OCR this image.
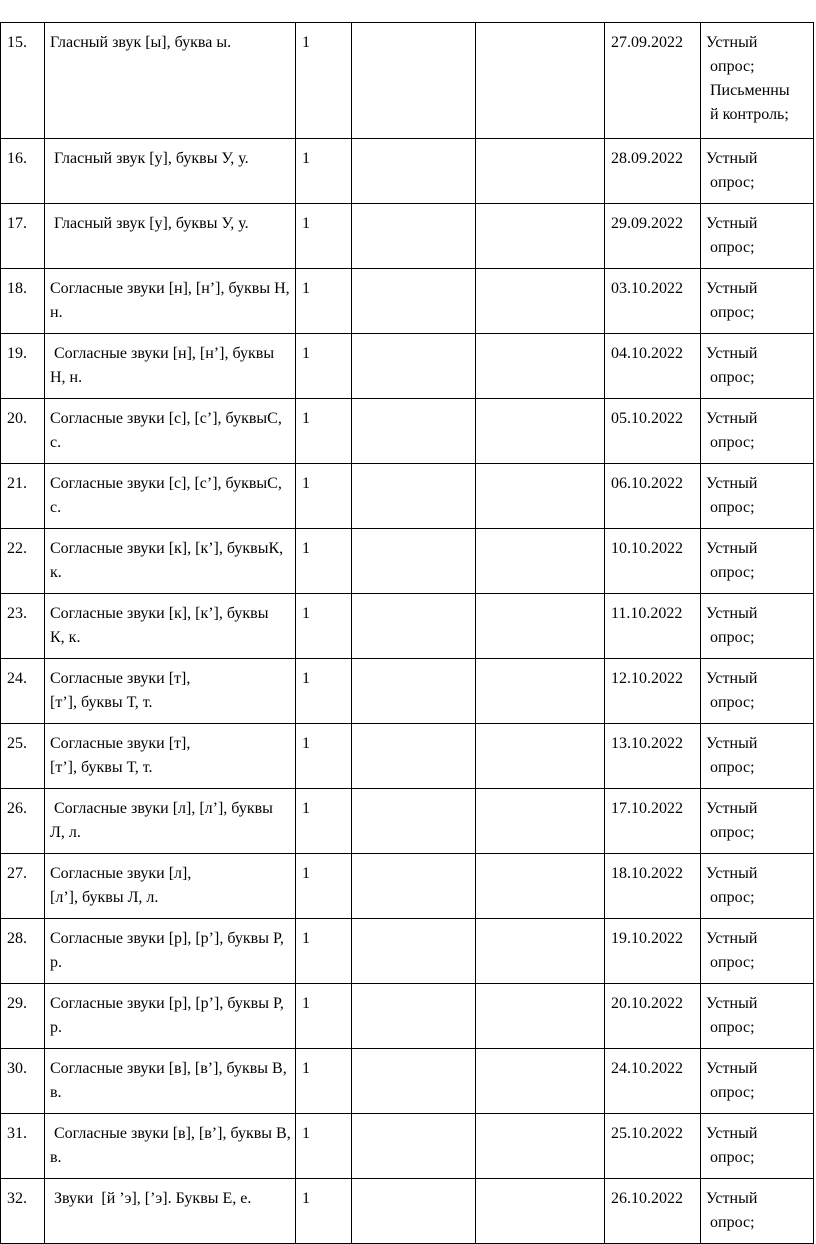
15.	Гласный звук [ы], буква ы.	1			27.09.2022	Устный
опрос;
Письменны
й контроль;

16.	Гласный звук [у], буквы У, у.	1			28.09.2022	Устный
опрос;

17.	Гласный звук [у], буквы У, у.	1			29.09.2022	Устный
опрос;

18.	Согласные звуки [н], [н’], буквы Н, н.	1			03.10.2022	Устный
опрос;

19.	Согласные звуки [н], [н’], буквы Н, н.	1			04.10.2022	Устный
опрос;

20.	Согласные звуки [с], [с’], буквыС, с.	1			05.10.2022	Устный
опрос;

21.	Согласные звуки [с], [с’], буквыС, с.	1			06.10.2022	Устный
опрос;

22.	Согласные звуки [к], [к’], буквыК, к.	1			10.10.2022	Устный
опрос;

23.	Согласные звуки [к], [к’], буквы  К, к.	1			11.10.2022	Устный
опрос;

24.	Согласные звуки [т],
[т’], буквы Т, т.	1			12.10.2022	Устный
опрос;

25.	Согласные звуки [т],
[т’], буквы Т, т.	1			13.10.2022	Устный
опрос;

26.	Согласные звуки [л], [л’], буквы Л, л.	1			17.10.2022	Устный
опрос;

27.	Согласные звуки [л],
[л’], буквы Л, л.	1			18.10.2022	Устный
опрос;

28.	Согласные звуки [р], [р’], буквы Р, р.	1			19.10.2022	Устный
опрос;

29.	Согласные звуки [р], [р’], буквы Р, р.	1			20.10.2022	Устный
опрос;

30.	Согласные звуки [в], [в’], буквы В, в.	1			24.10.2022	Устный
опрос;

31.	Согласные звуки [в], [в’], буквы В, в.	1			25.10.2022	Устный
опрос;

32.	Звуки  [й ’э], [’э]. Буквы Е, е.	1			26.10.2022	Устный
опрос;
